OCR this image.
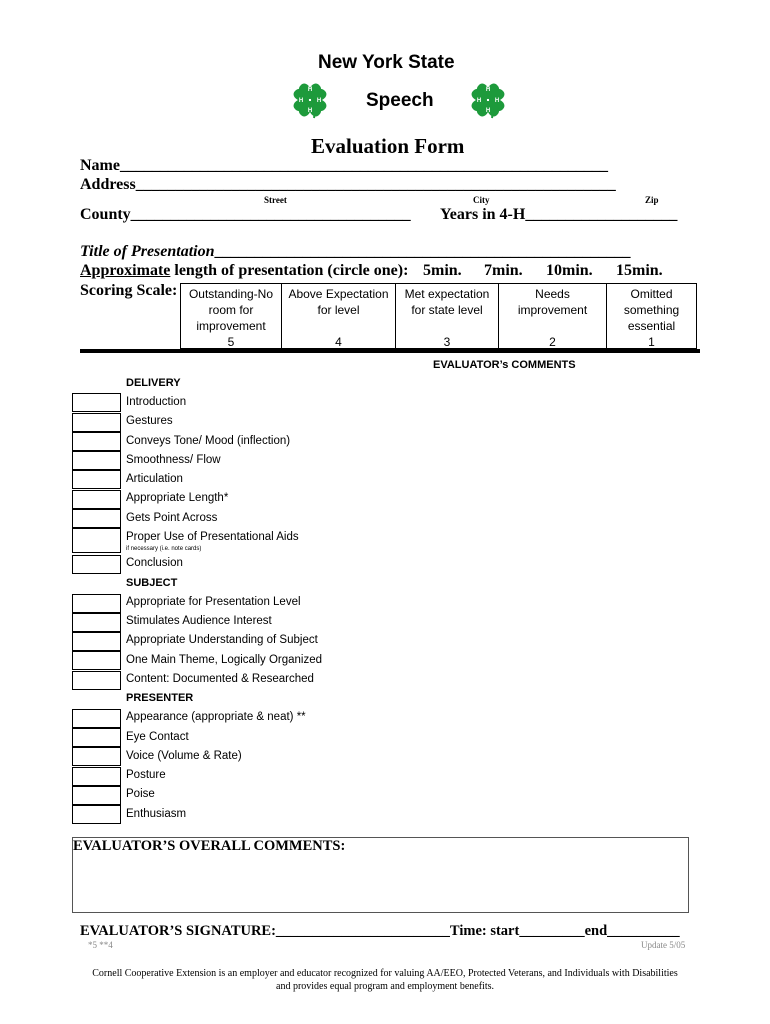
New York State
Speech
H
H H
H
H
H H
H
Evaluation Form
Name_____________________________________________________________
Address____________________________________________________________
Street	City	Zip
County___________________________________ Years in 4-H___________________
Title of Presentation____________________________________________________
Approximate length of presentation (circle one): 5min. 7min. 10min. 15min.
Scoring Scale: Outstanding-No
room for
improvement
5
Above Expectation
for level
4
Met expectation
for state level
3
Needs
improvement
2
Omitted
something
essential
1
EVALUATOR’s COMMENTS
DELIVERY
Introduction
Gestures
Conveys Tone/ Mood (inflection)
Smoothness/ Flow
Articulation
Appropriate Length*
Gets Point Across
Proper Use of Presentational Aids
if necessary (i.e. note cards)
Conclusion
SUBJECT
Appropriate for Presentation Level
Stimulates Audience Interest
Appropriate Understanding of Subject
One Main Theme, Logically Organized
Content: Documented & Researched
PRESENTER
Appearance (appropriate & neat) **
Eye Contact
Voice (Volume & Rate)
Posture
Poise
Enthusiasm
EVALUATOR’S OVERALL COMMENTS:
EVALUATOR’S SIGNATURE:________________________Time: start_________end__________
*5 **4	Update 5/05
Cornell Cooperative Extension is an employer and educator recognized for valuing AA/EEO, Protected Veterans, and Individuals with Disabilities
and provides equal program and employment benefits.
